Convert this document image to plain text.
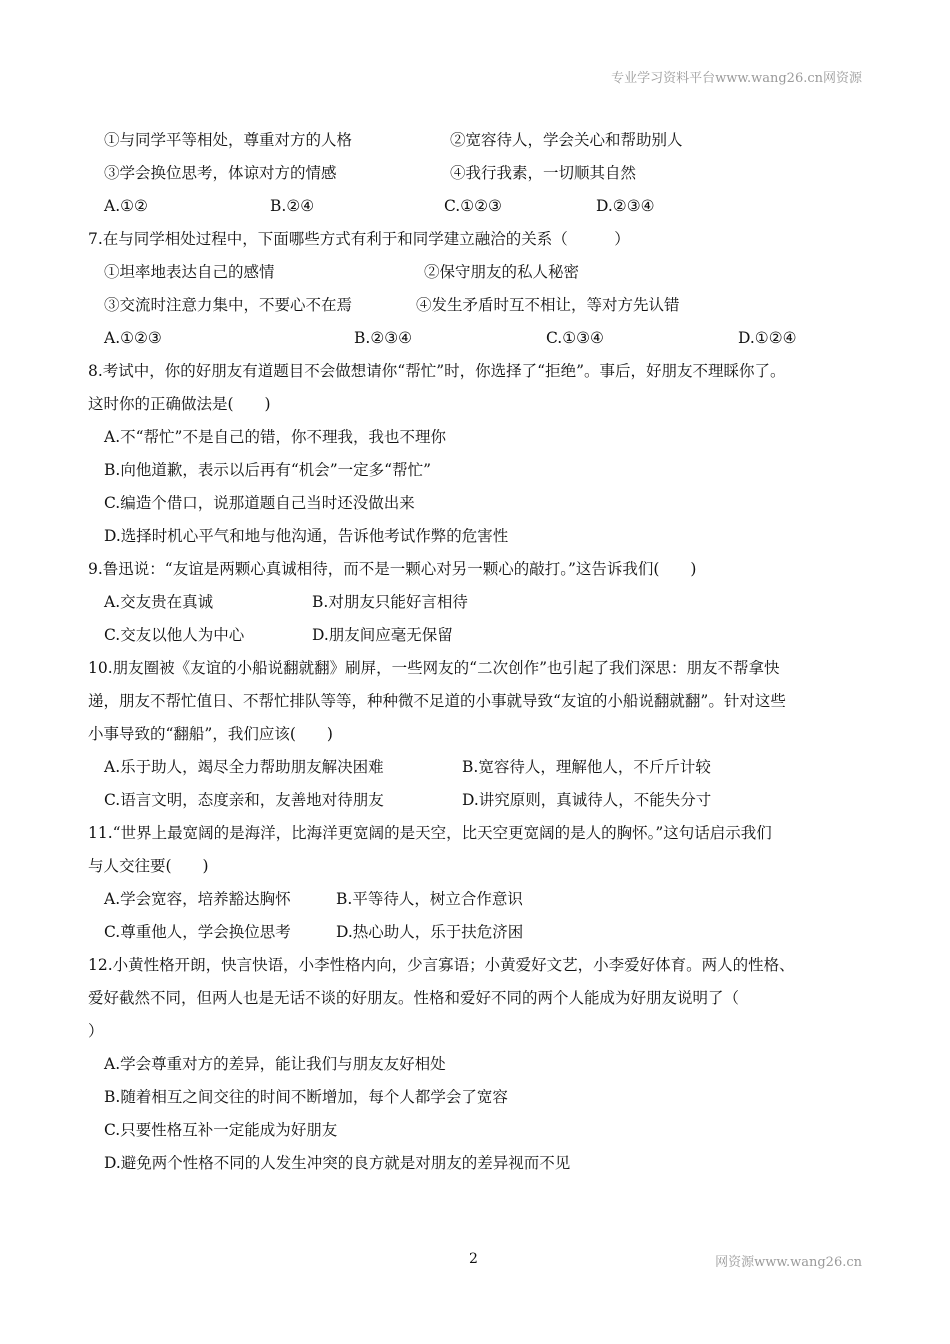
专业学习资料平台www.wang26.cn网资源
①与同学平等相处，尊重对方的人格	②宽容待人，学会关心和帮助别人
③学会换位思考，体谅对方的情感	④我行我素，一切顺其自然
A.①②	B.②④	C.①②③	D.②③④
7.在与同学相处过程中，下面哪些方式有利于和同学建立融洽的关系（　　　）
①坦率地表达自己的感情	②保守朋友的私人秘密
③交流时注意力集中，不要心不在焉	④发生矛盾时互不相让，等对方先认错
A.①②③	B.②③④	C.①③④	D.①②④
8.考试中，你的好朋友有道题目不会做想请你“帮忙”时，你选择了“拒绝”。事后，好朋友不理睬你了。
这时你的正确做法是(　　)
A.不“帮忙”不是自己的错，你不理我，我也不理你
B.向他道歉，表示以后再有“机会”一定多“帮忙”
C.编造个借口，说那道题自己当时还没做出来
D.选择时机心平气和地与他沟通，告诉他考试作弊的危害性
9.鲁迅说：“友谊是两颗心真诚相待，而不是一颗心对另一颗心的敲打。”这告诉我们(　　)
A.交友贵在真诚	B.对朋友只能好言相待
C.交友以他人为中心	D.朋友间应毫无保留
10.朋友圈被《友谊的小船说翻就翻》刷屏，一些网友的“二次创作”也引起了我们深思：朋友不帮拿快
递，朋友不帮忙值日、不帮忙排队等等，种种微不足道的小事就导致“友谊的小船说翻就翻”。针对这些
小事导致的“翻船”，我们应该(　　)
A.乐于助人，竭尽全力帮助朋友解决困难	B.宽容待人，理解他人，不斤斤计较
C.语言文明，态度亲和，友善地对待朋友	D.讲究原则，真诚待人，不能失分寸
11.“世界上最宽阔的是海洋，比海洋更宽阔的是天空，比天空更宽阔的是人的胸怀。”这句话启示我们
与人交往要(　　)
A.学会宽容，培养豁达胸怀	B.平等待人，树立合作意识
C.尊重他人，学会换位思考	D.热心助人，乐于扶危济困
12.小黄性格开朗，快言快语，小李性格内向，少言寡语；小黄爱好文艺，小李爱好体育。两人的性格、
爱好截然不同，但两人也是无话不谈的好朋友。性格和爱好不同的两个人能成为好朋友说明了（
）
A.学会尊重对方的差异，能让我们与朋友友好相处
B.随着相互之间交往的时间不断增加，每个人都学会了宽容
C.只要性格互补一定能成为好朋友
D.避免两个性格不同的人发生冲突的良方就是对朋友的差异视而不见
2	网资源www.wang26.cn
